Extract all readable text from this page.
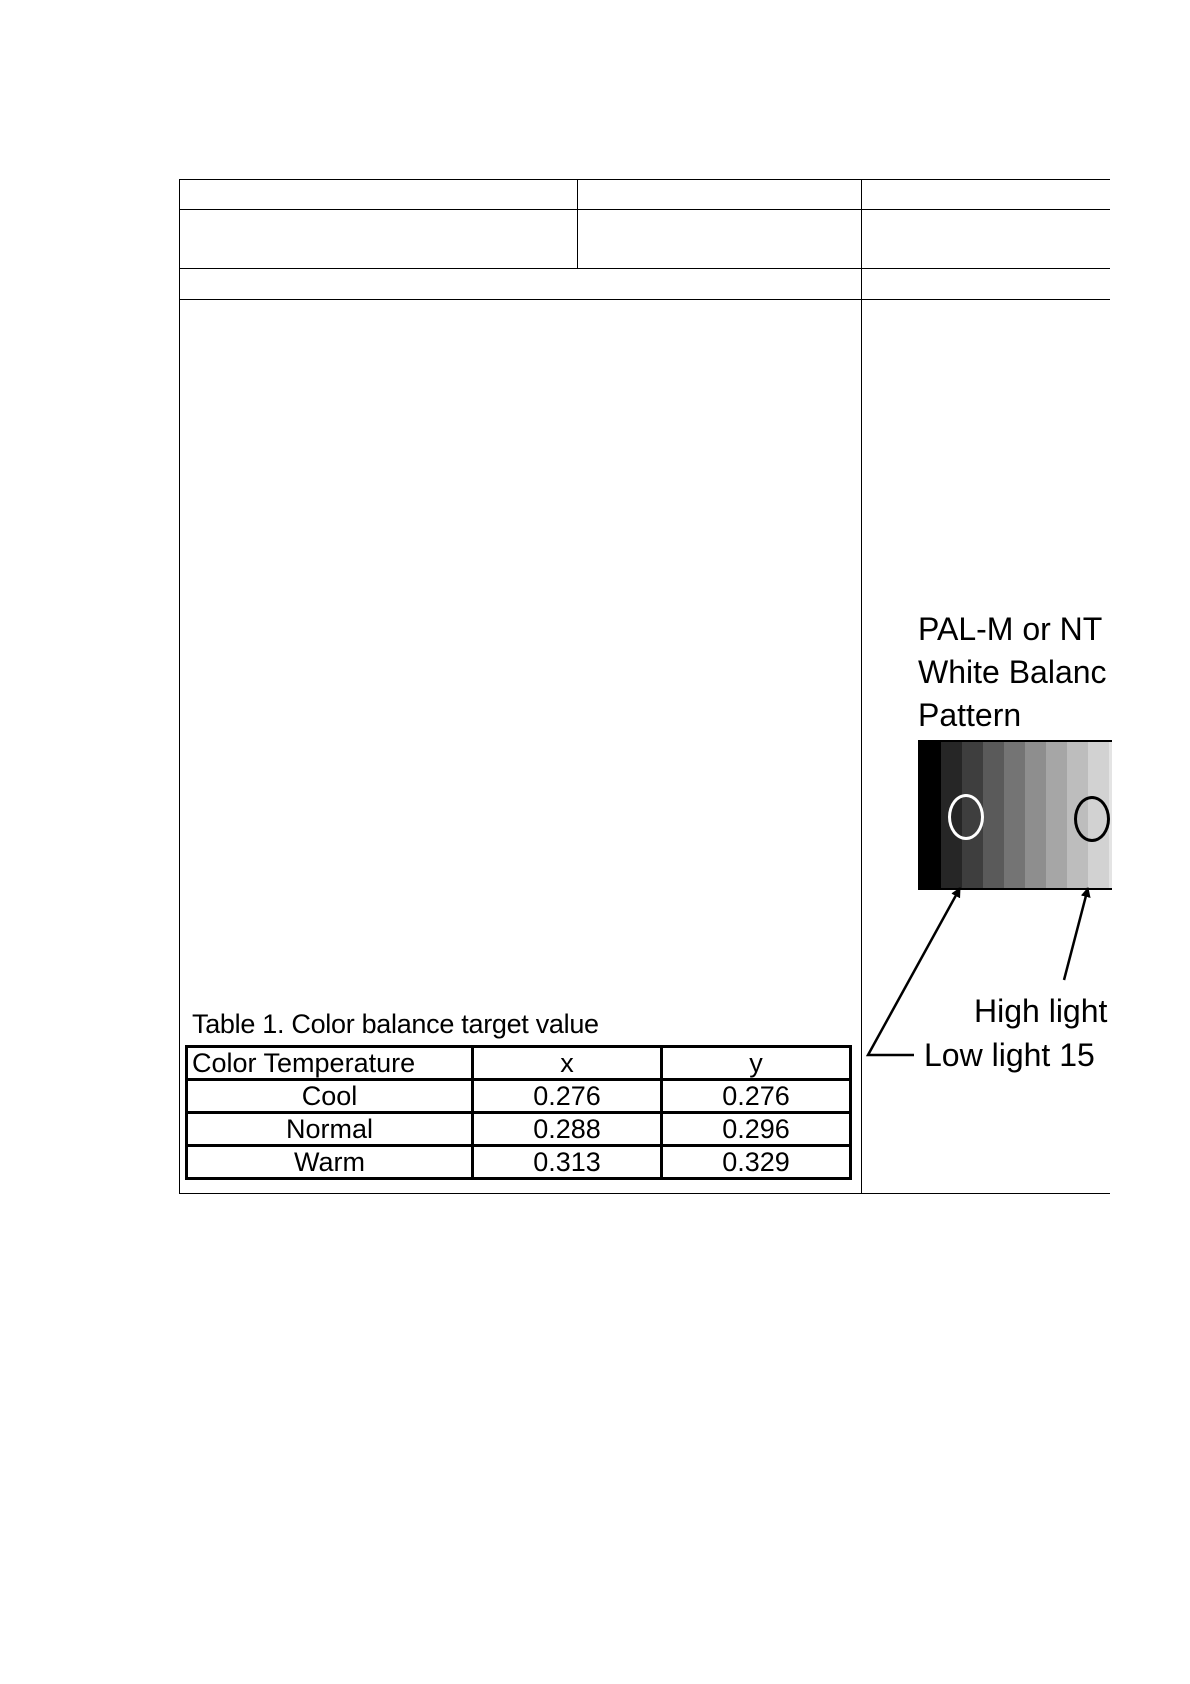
Table 1. Color balance target value
Color Temperature	x	y
Cool	0.276	0.276
Normal	0.288	0.296
Warm	0.313	0.329
PAL-M or NT
White Balanc
Pattern
High light
Low light 15
